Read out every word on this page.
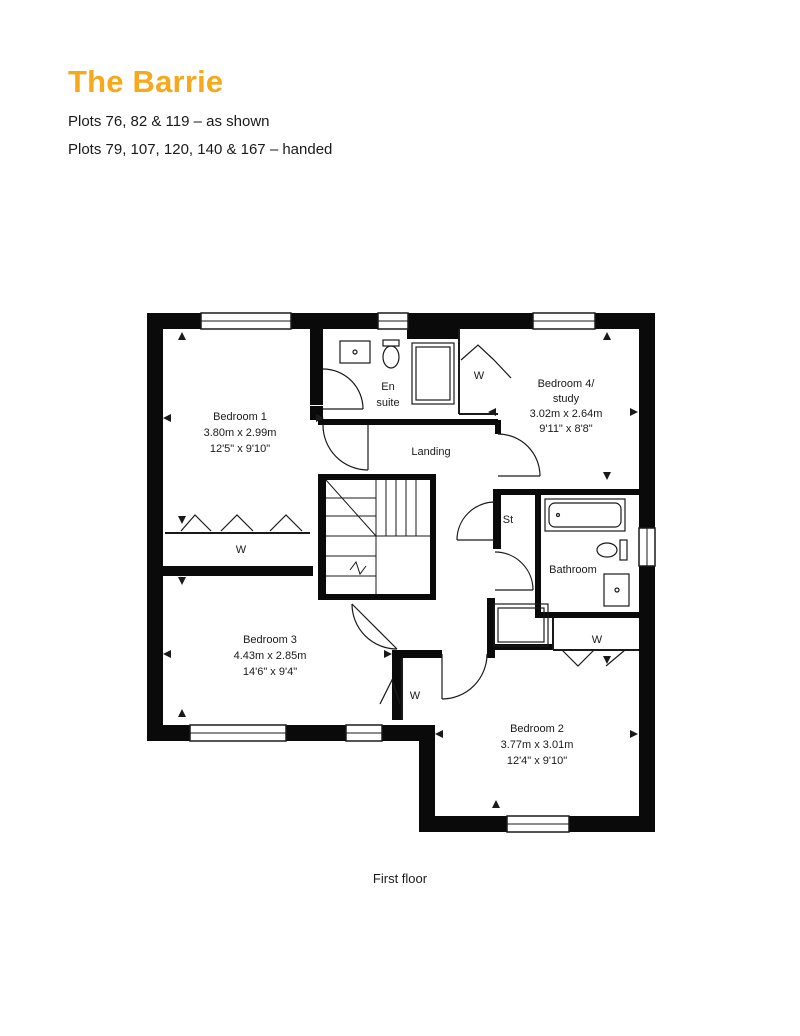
The Barrie

Plots 76, 82 & 119 – as shown

Plots 79, 107, 120, 140 & 167 – handed

Bedroom 1
3.80m x 2.99m
12'5" x 9'10"
W
En
suite
W
Bedroom 4/
study
3.02m x 2.64m
9'11" x 8'8"
Landing
St
Bathroom
Bedroom 3
4.43m x 2.85m
14'6" x 9'4"
W
W
Bedroom 2
3.77m x 3.01m
12'4" x 9'10"
First floor
